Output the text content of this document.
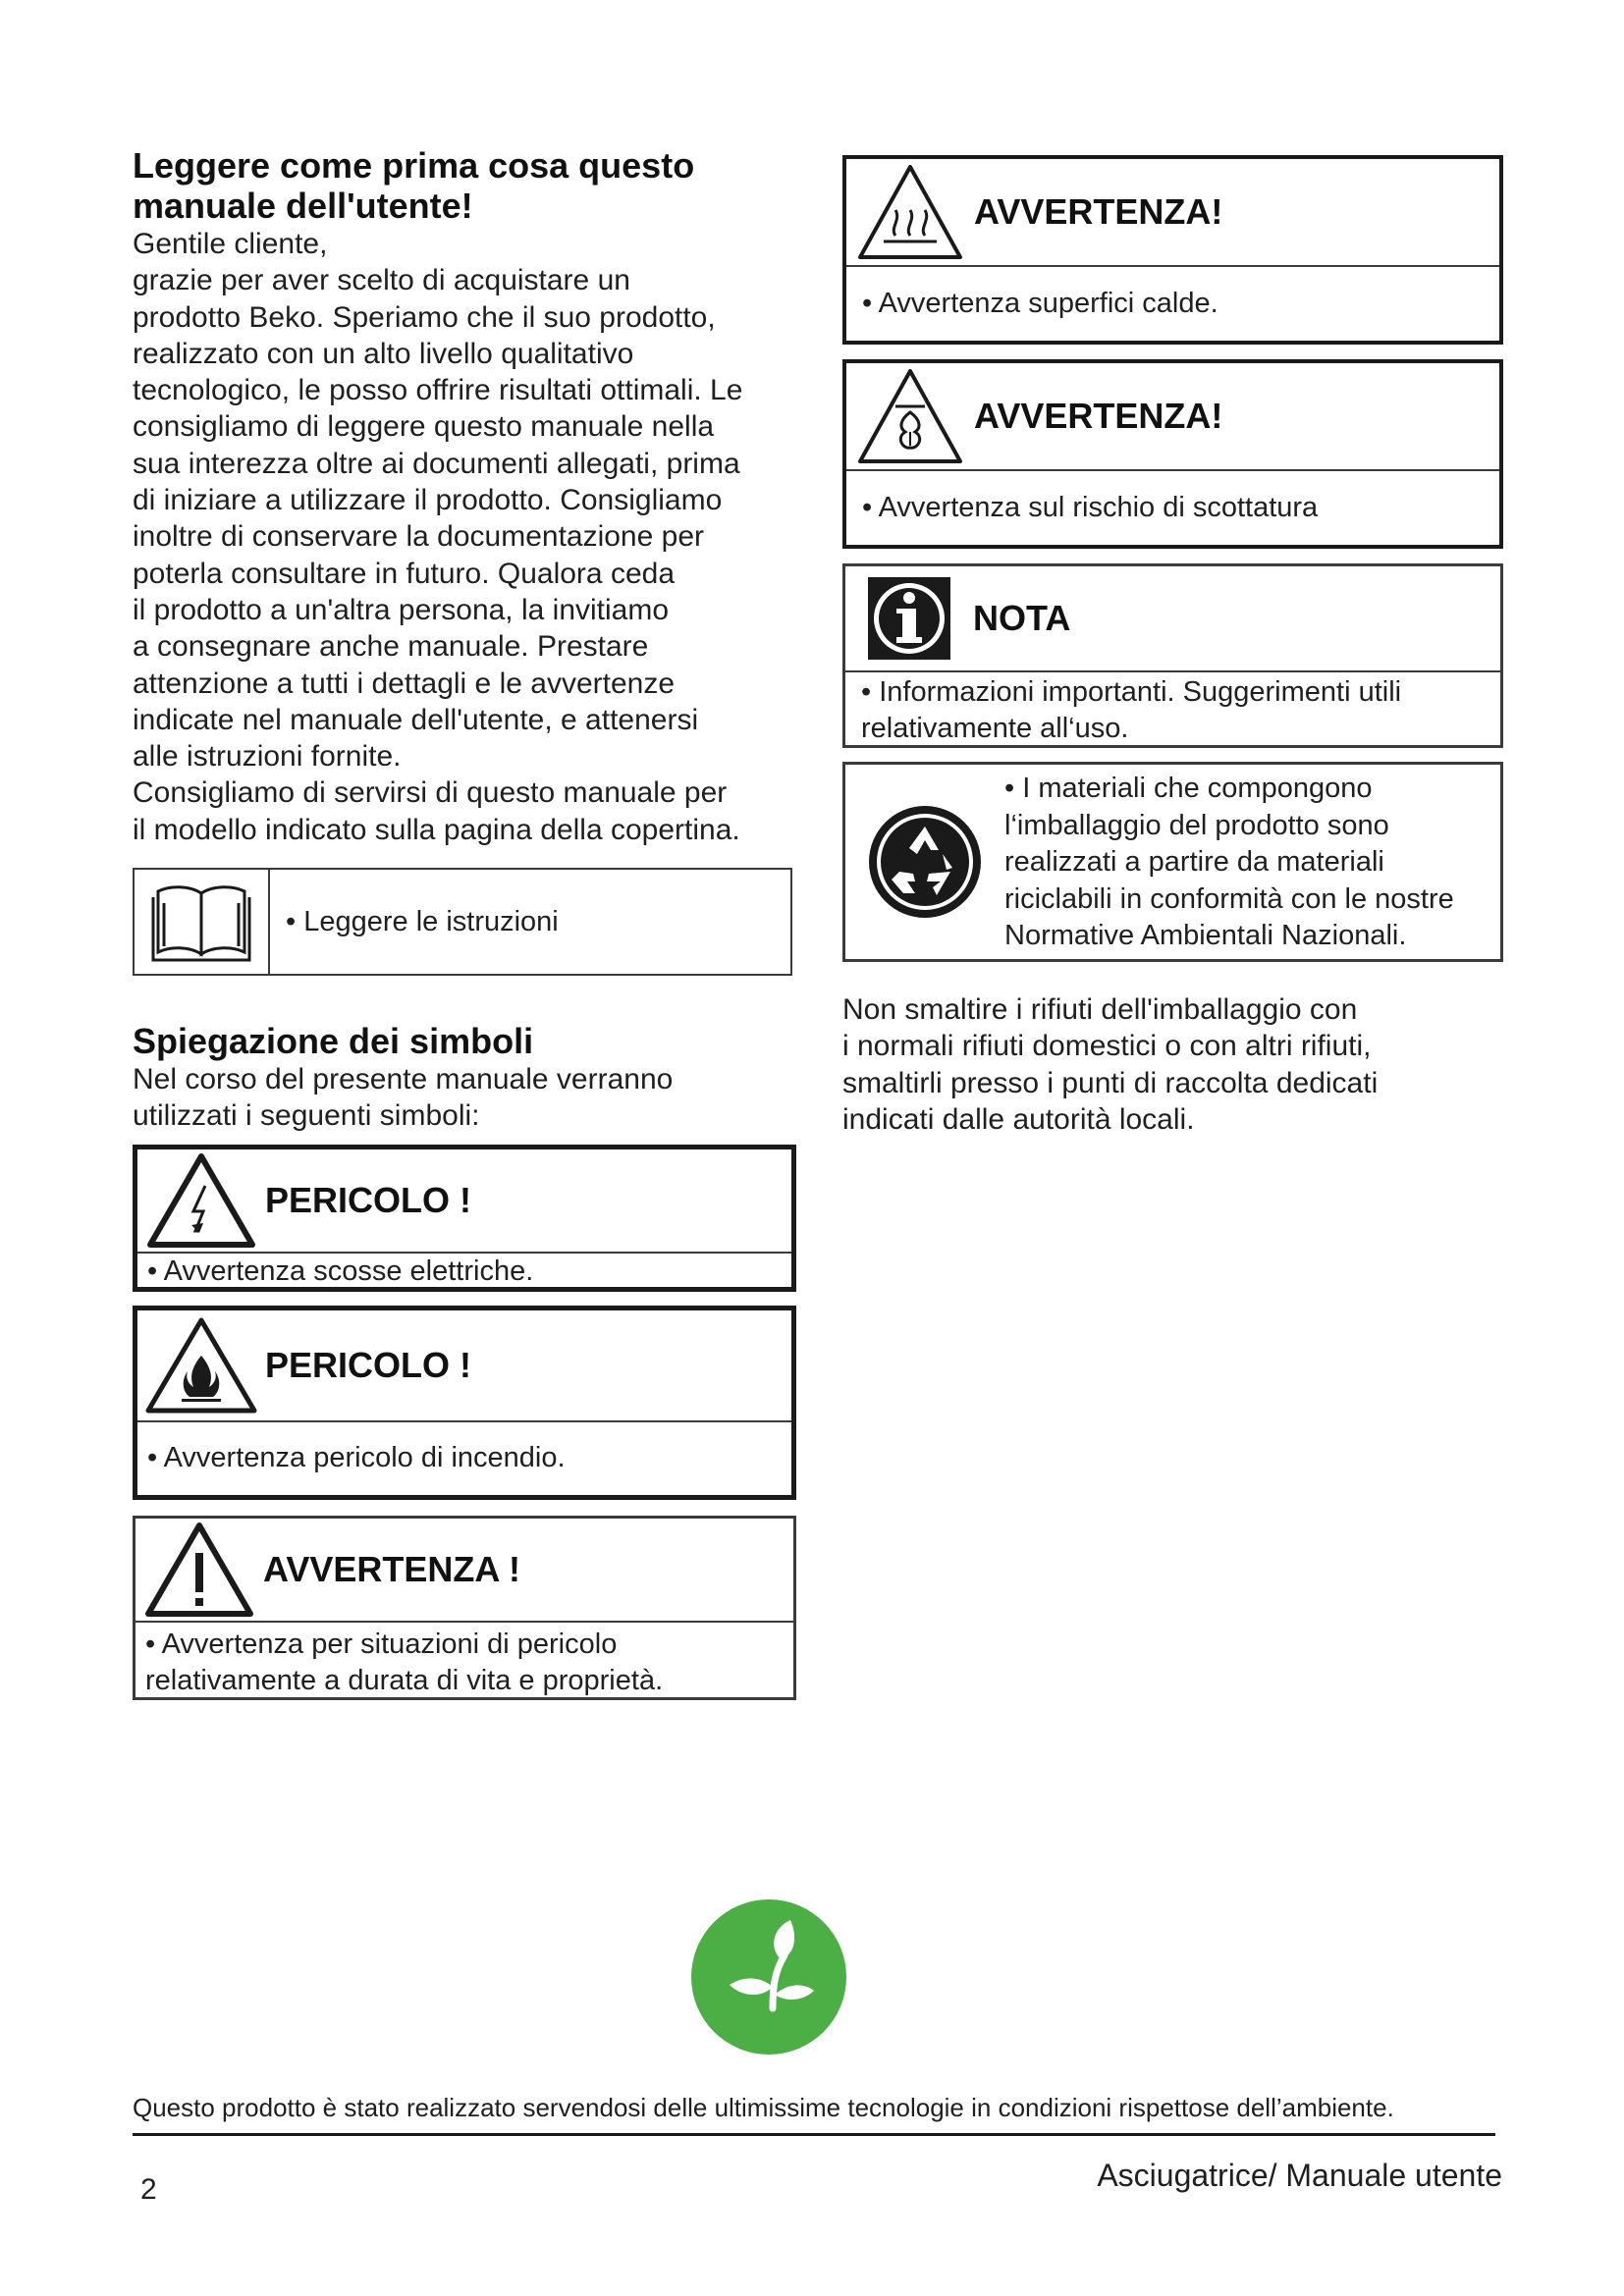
Leggere come prima cosa questo
manuale dell'utente!

Gentile cliente,
grazie per aver scelto di acquistare un
prodotto Beko. Speriamo che il suo prodotto,
realizzato con un alto livello qualitativo
tecnologico, le posso offrire risultati ottimali. Le
consigliamo di leggere questo manuale nella
sua interezza oltre ai documenti allegati, prima
di iniziare a utilizzare il prodotto. Consigliamo
inoltre di conservare la documentazione per
poterla consultare in futuro. Qualora ceda
il prodotto a un'altra persona, la invitiamo
a consegnare anche manuale. Prestare
attenzione a tutti i dettagli e le avvertenze
indicate nel manuale dell'utente, e attenersi
alle istruzioni fornite.
Consigliamo di servirsi di questo manuale per
il modello indicato sulla pagina della copertina.

• Leggere le istruzioni
Spiegazione dei simboli

Nel corso del presente manuale verranno
utilizzati i seguenti simboli:

PERICOLO !
• Avvertenza scosse elettriche.
PERICOLO !
• Avvertenza pericolo di incendio.
AVVERTENZA !
• Avvertenza per situazioni di pericolo
relativamente a durata di vita e proprietà.
AVVERTENZA!
• Avvertenza superfici calde.
AVVERTENZA!
• Avvertenza sul rischio di scottatura
NOTA
• Informazioni importanti. Suggerimenti utili
relativamente all‘uso.
• I materiali che compongono
l‘imballaggio del prodotto sono
realizzati a partire da materiali
riciclabili in conformità con le nostre
Normative Ambientali Nazionali.

Non smaltire i rifiuti dell'imballaggio con
i normali rifiuti domestici o con altri rifiuti,
smaltirli presso i punti di raccolta dedicati
indicati dalle autorità locali.

Questo prodotto è stato realizzato servendosi delle ultimissime tecnologie in condizioni rispettose dell’ambiente.
2	Asciugatrice/ Manuale utente
